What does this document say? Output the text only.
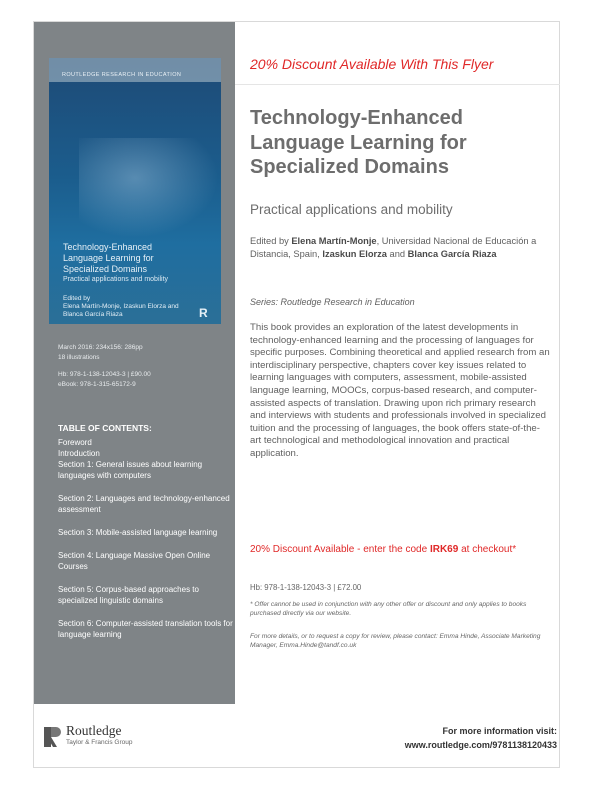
ROUTLEDGE RESEARCH IN EDUCATION
Technology-Enhanced
Language Learning for
Specialized Domains
Practical applications and mobility
Edited by
Elena Martín-Monje, Izaskun Elorza and
Blanca García Riaza	R
March 2016: 234x156: 286pp
18 illustrations
Hb: 978-1-138-12043-3 | £90.00
eBook: 978-1-315-65172-9
TABLE OF CONTENTS:
Foreword
Introduction
Section 1: General issues about learning languages with computers
Section 2: Languages and technology-enhanced assessment
Section 3: Mobile-assisted language learning
Section 4: Language Massive Open Online Courses
Section 5: Corpus-based approaches to specialized linguistic domains
Section 6: Computer-assisted translation tools for language learning
20% Discount Available With This Flyer
Technology-Enhanced Language Learning for Specialized Domains
Practical applications and mobility
Edited by Elena Martín-Monje, Universidad Nacional de Educación a Distancia, Spain, Izaskun Elorza and Blanca García Riaza
Series: Routledge Research in Education
This book provides an exploration of the latest developments in technology-enhanced learning and the processing of languages for specific purposes. Combining theoretical and applied research from an interdisciplinary perspective, chapters cover key issues related to learning languages with computers, assessment, mobile-assisted language learning, MOOCs, corpus-based research, and computer-assisted aspects of translation. Drawing upon rich primary research and interviews with students and professionals involved in specialized tuition and the processing of languages, the book offers state-of-the-art technological and methodological innovation and practical application.
20% Discount Available - enter the code IRK69 at checkout*
Hb: 978-1-138-12043-3 | £72.00
* Offer cannot be used in conjunction with any other offer or discount and only applies to books purchased directly via our website.
For more details, or to request a copy for review, please contact: Emma Hinde, Associate Marketing Manager, Emma.Hinde@tandf.co.uk
Routledge
Taylor & Francis Group
For more information visit:
www.routledge.com/9781138120433
